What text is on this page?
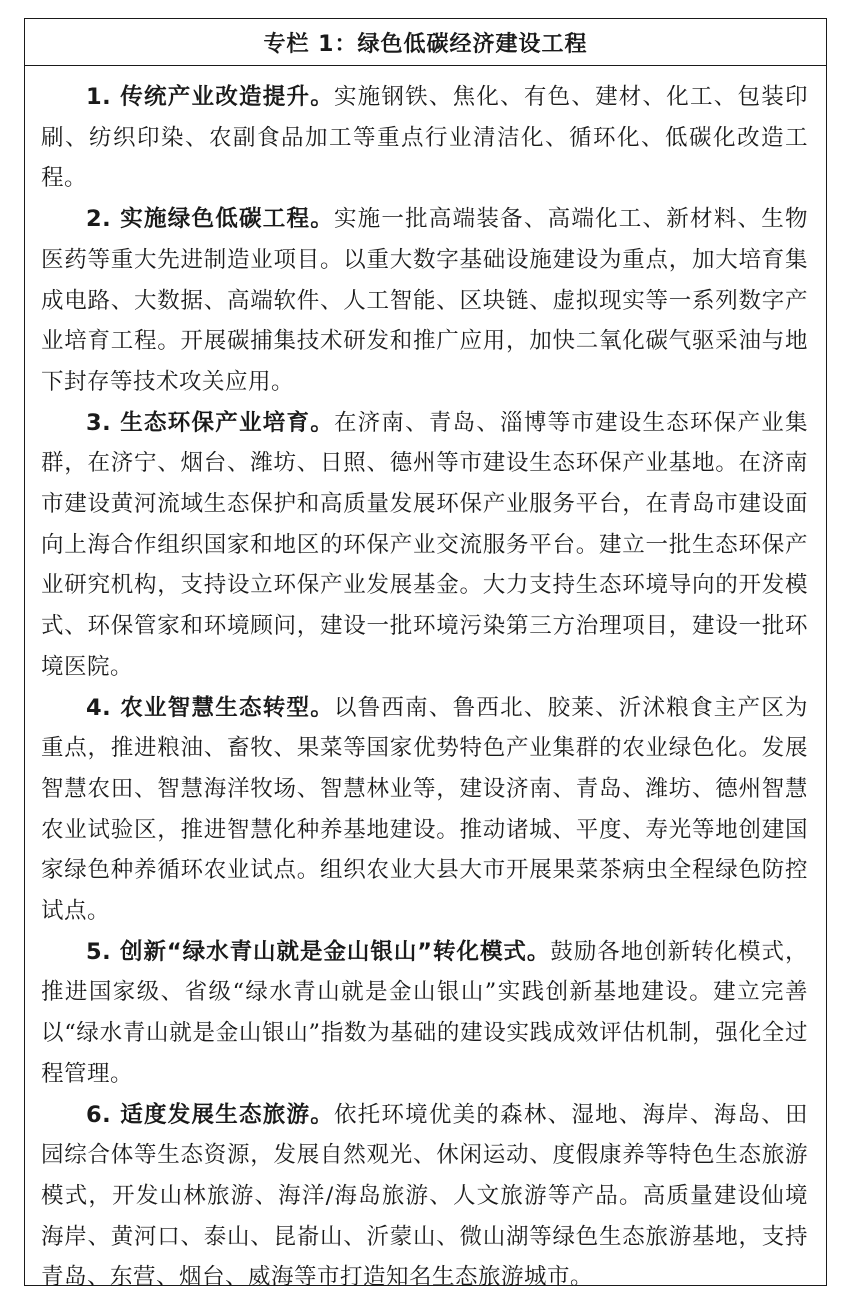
专栏 1：绿色低碳经济建设工程

1. 传统产业改造提升。实施钢铁、焦化、有色、建材、化工、包装印刷、纺织印染、农副食品加工等重点行业清洁化、循环化、低碳化改造工程。

2. 实施绿色低碳工程。实施一批高端装备、高端化工、新材料、生物医药等重大先进制造业项目。以重大数字基础设施建设为重点，加大培育集成电路、大数据、高端软件、人工智能、区块链、虚拟现实等一系列数字产业培育工程。开展碳捕集技术研发和推广应用，加快二氧化碳气驱采油与地下封存等技术攻关应用。

3. 生态环保产业培育。在济南、青岛、淄博等市建设生态环保产业集群，在济宁、烟台、潍坊、日照、德州等市建设生态环保产业基地。在济南市建设黄河流域生态保护和高质量发展环保产业服务平台，在青岛市建设面向上海合作组织国家和地区的环保产业交流服务平台。建立一批生态环保产业研究机构，支持设立环保产业发展基金。大力支持生态环境导向的开发模式、环保管家和环境顾问，建设一批环境污染第三方治理项目，建设一批环境医院。

4. 农业智慧生态转型。以鲁西南、鲁西北、胶莱、沂沭粮食主产区为重点，推进粮油、畜牧、果菜等国家优势特色产业集群的农业绿色化。发展智慧农田、智慧海洋牧场、智慧林业等，建设济南、青岛、潍坊、德州智慧农业试验区，推进智慧化种养基地建设。推动诸城、平度、寿光等地创建国家绿色种养循环农业试点。组织农业大县大市开展果菜茶病虫全程绿色防控试点。

5. 创新“绿水青山就是金山银山”转化模式。鼓励各地创新转化模式，推进国家级、省级“绿水青山就是金山银山”实践创新基地建设。建立完善以“绿水青山就是金山银山”指数为基础的建设实践成效评估机制，强化全过程管理。

6. 适度发展生态旅游。依托环境优美的森林、湿地、海岸、海岛、田园综合体等生态资源，发展自然观光、休闲运动、度假康养等特色生态旅游模式，开发山林旅游、海洋/海岛旅游、人文旅游等产品。高质量建设仙境海岸、黄河口、泰山、昆嵛山、沂蒙山、微山湖等绿色生态旅游基地，支持青岛、东营、烟台、威海等市打造知名生态旅游城市。
